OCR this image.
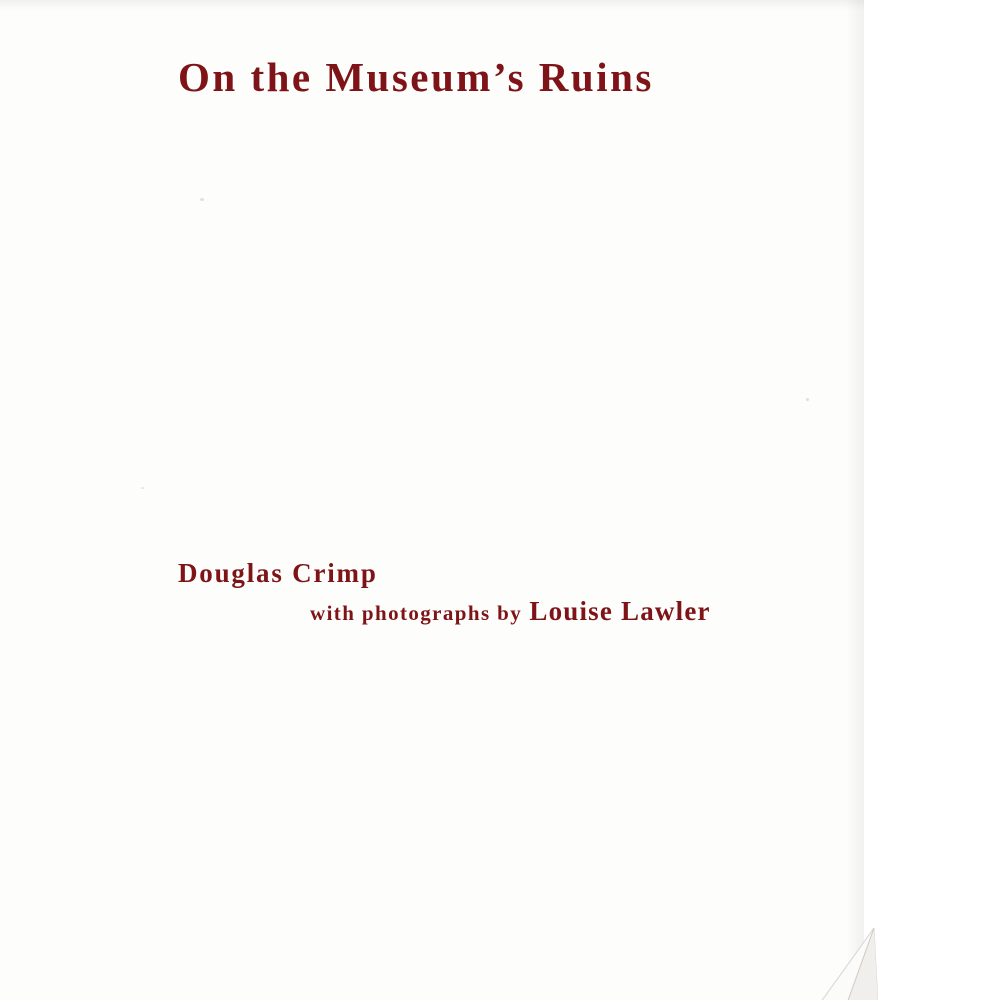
On the Museum’s Ruins
Douglas Crimp
with photographs by Louise Lawler
